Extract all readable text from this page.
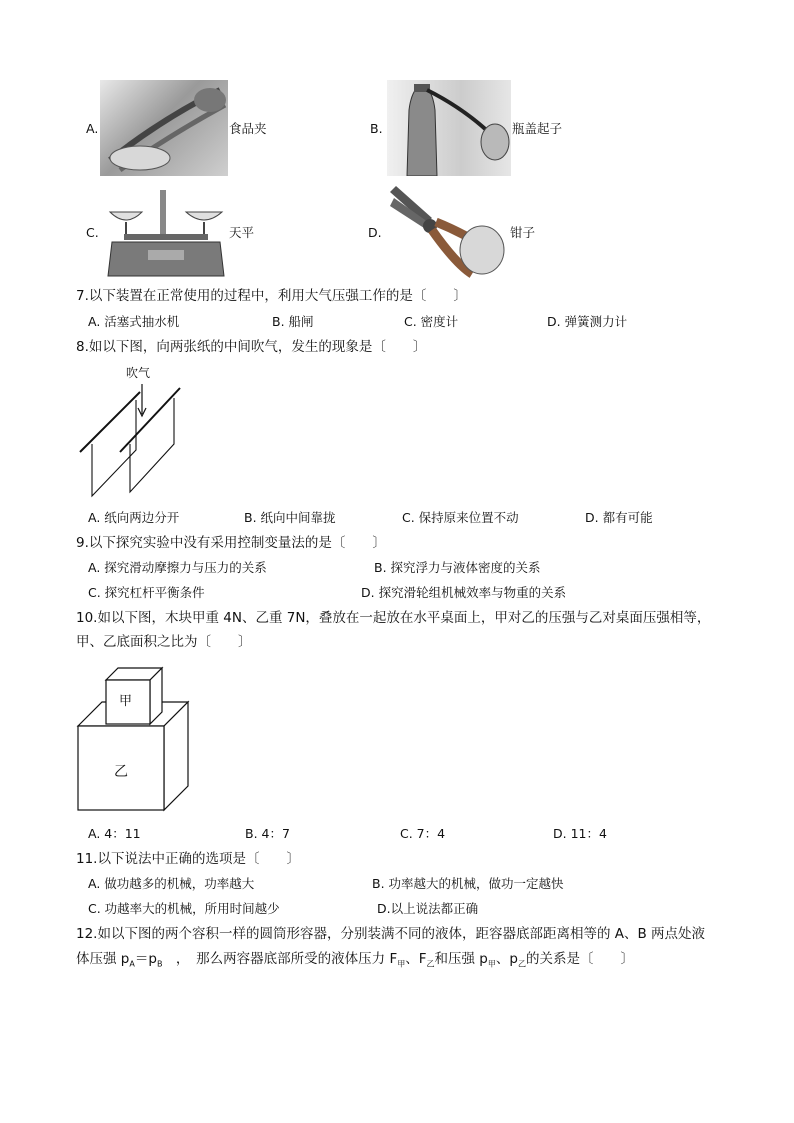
A.	食品夹	B.	瓶盖起子
C.	天平	D.	钳子
7.以下装置在正常使用的过程中，利用大气压强工作的是〔　　〕
A. 活塞式抽水机	B. 船闸	C. 密度计	D. 弹簧测力计
8.如以下图，向两张纸的中间吹气，发生的现象是〔　　〕
吹气
A. 纸向两边分开	B. 纸向中间靠拢	C. 保持原来位置不动	D. 都有可能
9.以下探究实验中没有采用控制变量法的是〔　　〕
A. 探究滑动摩擦力与压力的关系	B. 探究浮力与液体密度的关系
C. 探究杠杆平衡条件	D. 探究滑轮组机械效率与物重的关系
10.如以下图，木块甲重 4N、乙重 7N，叠放在一起放在水平桌面上，甲对乙的压强与乙对桌面压强相等，
甲、乙底面积之比为〔　　〕
甲
乙
A. 4：11	B. 4：7	C. 7：4	D. 11：4
11.以下说法中正确的选项是〔　　〕
A. 做功越多的机械，功率越大	B. 功率越大的机械，做功一定越快
C. 功越率大的机械，所用时间越少	D.以上说法都正确
12.如以下图的两个容积一样的圆筒形容器，分别装满不同的液体，距容器底部距离相等的 A、B 两点处液
体压强 $p_A=p_B$　，　那么两容器底部所受的液体压力 $F_甲$、$F_乙$和压强 $p_甲$、$p_乙$的关系是〔　　〕
